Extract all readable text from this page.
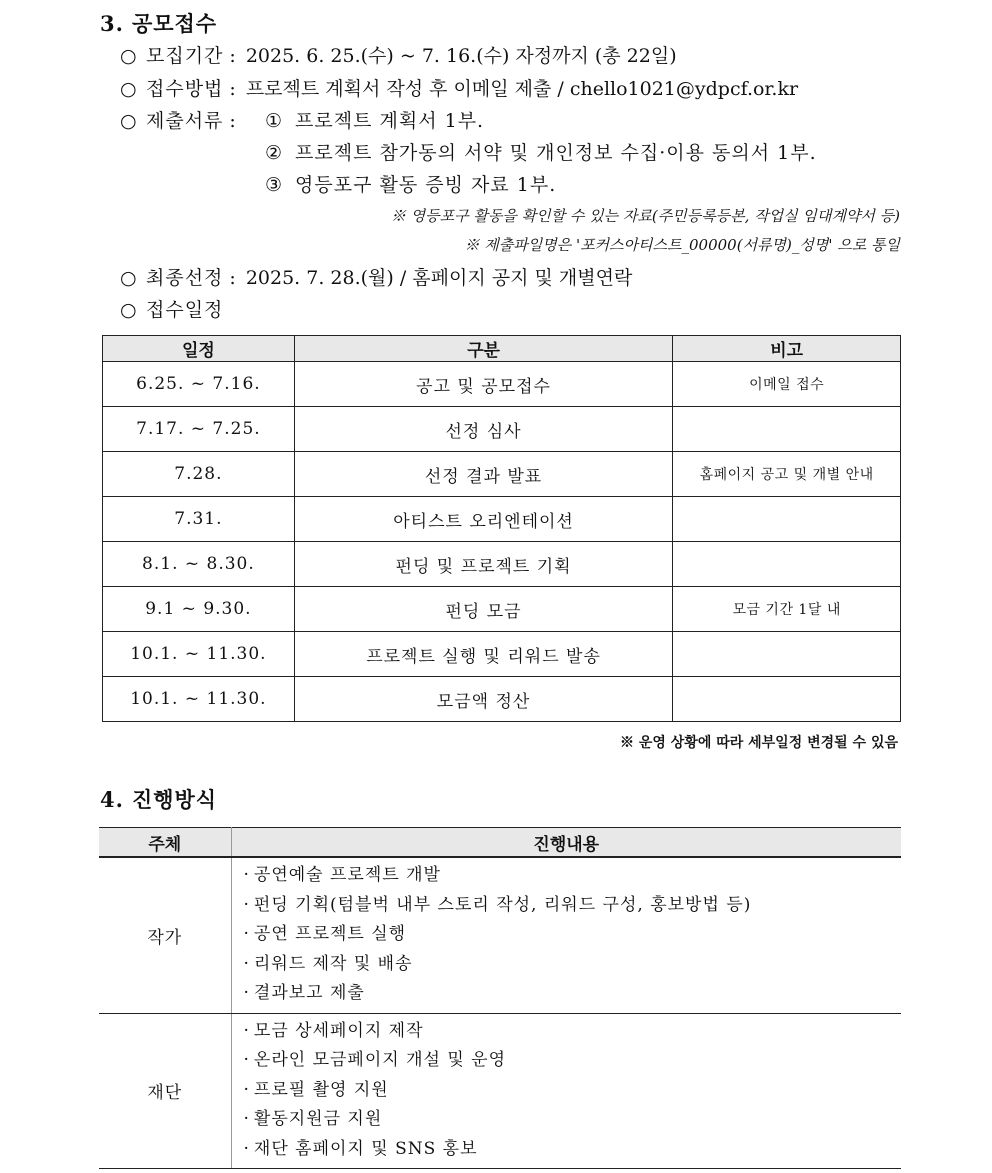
3. 공모접수
○ 모집기간 : 2025. 6. 25.(수) ~ 7. 16.(수) 자정까지 (총 22일)
○ 접수방법 : 프로젝트 계획서 작성 후 이메일 제출 / chello1021@ydpcf.or.kr
○ 제출서류 :	① 프로젝트 계획서 1부.
② 프로젝트 참가동의 서약 및 개인정보 수집·이용 동의서 1부.
③ 영등포구 활동 증빙 자료 1부.
※ 영등포구 활동을 확인할 수 있는 자료(주민등록등본, 작업실 임대계약서 등)
※ 제출파일명은 '포커스아티스트_00000(서류명)_성명' 으로 통일
○ 최종선정 : 2025. 7. 28.(월) / 홈페이지 공지 및 개별연락
○ 접수일정
일정	구분	비고
6.25. ~ 7.16.	공고 및 공모접수	이메일 접수
7.17. ~ 7.25.	선정 심사	
7.28.	선정 결과 발표	홈페이지 공고 및 개별 안내
7.31.	아티스트 오리엔테이션	
8.1. ~ 8.30.	펀딩 및 프로젝트 기획	
9.1 ~ 9.30.	펀딩 모금	모금 기간 1달 내
10.1. ~ 11.30.	프로젝트 실행 및 리워드 발송	
10.1. ~ 11.30.	모금액 정산	
※ 운영 상황에 따라 세부일정 변경될 수 있음
4. 진행방식
주체	진행내용
작가	· 공연예술 프로젝트 개발
· 펀딩 기획(텀블벅 내부 스토리 작성, 리워드 구성, 홍보방법 등)
· 공연 프로젝트 실행
· 리워드 제작 및 배송
· 결과보고 제출

재단	· 모금 상세페이지 제작
· 온라인 모금페이지 개설 및 운영
· 프로필 촬영 지원
· 활동지원금 지원
· 재단 홈페이지 및 SNS 홍보
